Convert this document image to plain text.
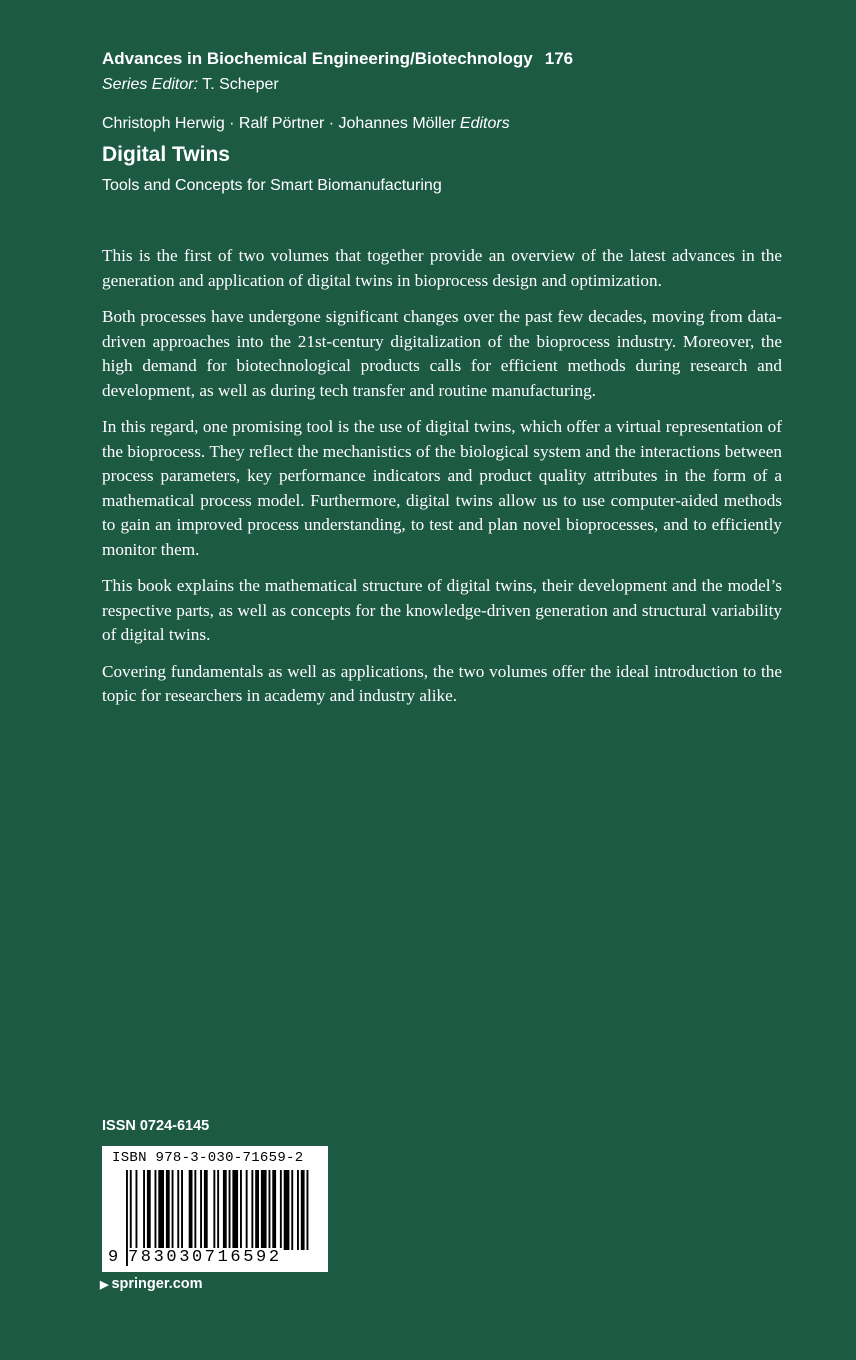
Advances in Biochemical Engineering/Biotechnology 176
Series Editor: T. Scheper
Christoph Herwig · Ralf Pörtner · Johannes Möller Editors
Digital Twins
Tools and Concepts for Smart Biomanufacturing

This is the first of two volumes that together provide an overview of the latest advances in the generation and application of digital twins in bioprocess design and optimization.

Both processes have undergone significant changes over the past few decades, moving from data-driven approaches into the 21st-century digitalization of the bioprocess industry. Moreover, the high demand for biotechnological products calls for efficient methods during research and development, as well as during tech transfer and routine manufacturing.

In this regard, one promising tool is the use of digital twins, which offer a virtual representation of the bioprocess. They reflect the mechanistics of the biological system and the interactions between process parameters, key performance indicators and product quality attributes in the form of a mathematical process model. Furthermore, digital twins allow us to use computer-aided methods to gain an improved process understanding, to test and plan novel bioprocesses, and to efficiently monitor them.

This book explains the mathematical structure of digital twins, their development and the model’s respective parts, as well as concepts for the knowledge-driven generation and structural variability of digital twins.

Covering fundamentals as well as applications, the two volumes offer the ideal introduction to the topic for researchers in academy and industry alike.

ISSN 0724-6145
ISBN 978-3-030-71659-2
9 783030716592
▶ springer.com
